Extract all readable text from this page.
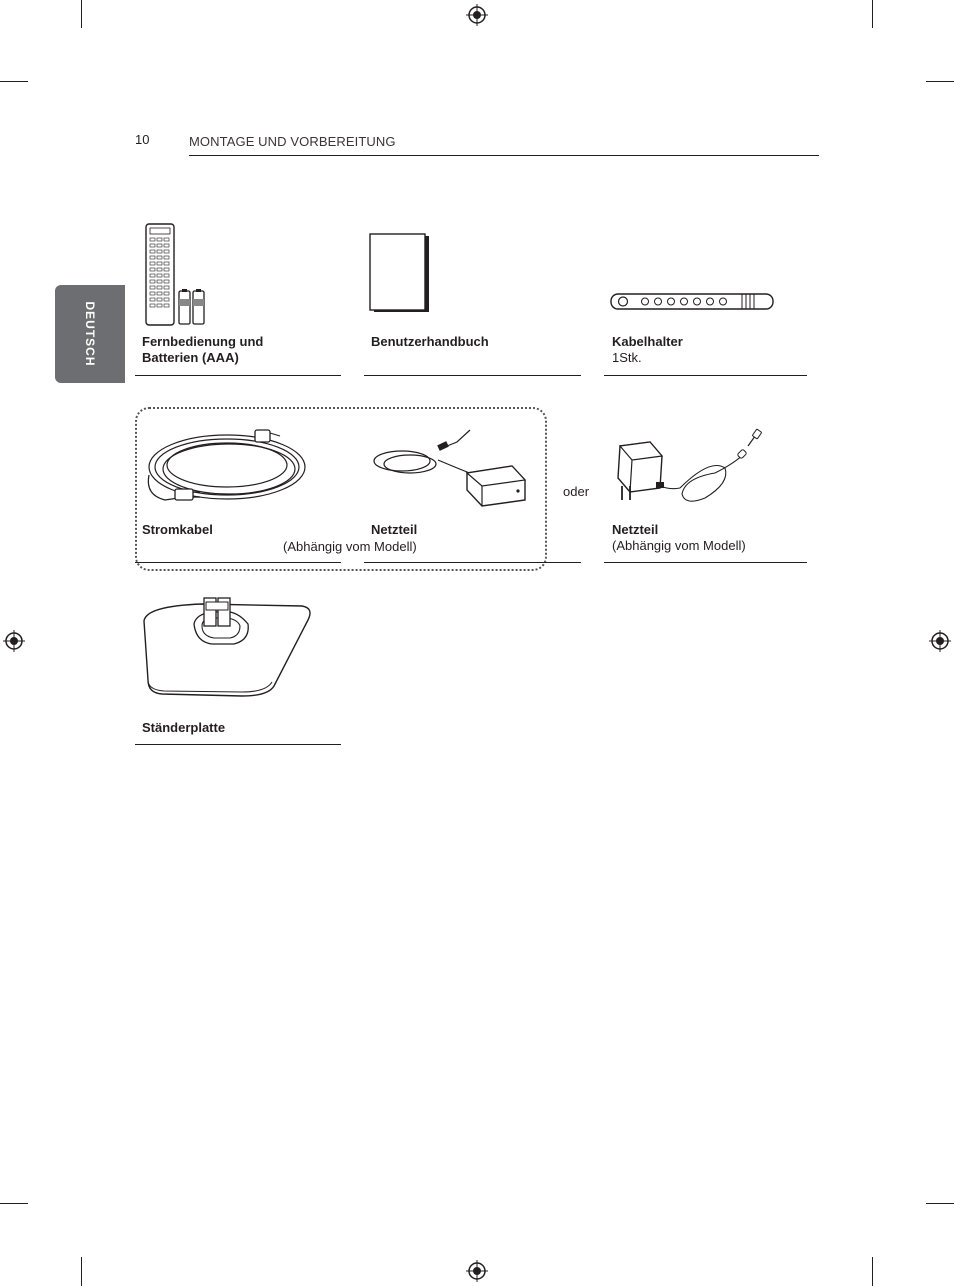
10	MONTAGE UND VORBEREITUNG
DEUTSCH	Fernbedienung und
Batterien (AAA)
Benutzerhandbuch	Kabelhalter
1Stk.
Stromkabel	Netzteil
(Abhängig vom Modell)
oder
Netzteil
(Abhängig vom Modell)
Ständerplatte
